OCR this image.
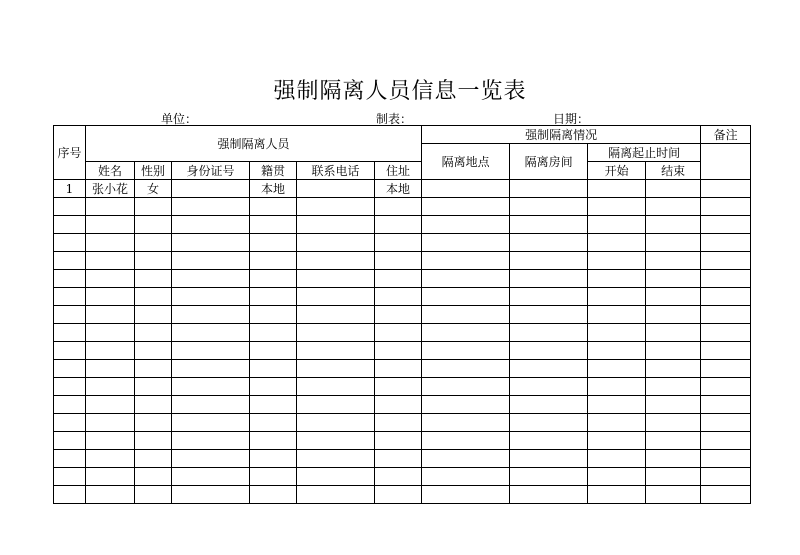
强制隔离人员信息一览表
单位：	制表：	日期：
序号	强制隔离人员						强制隔离情况				备注
							隔离地点	隔离房间	隔离起止时间		
	姓名	性别	身份证号	籍贯	联系电话	住址			开始	结束	
1	张小花	女		本地		本地					
